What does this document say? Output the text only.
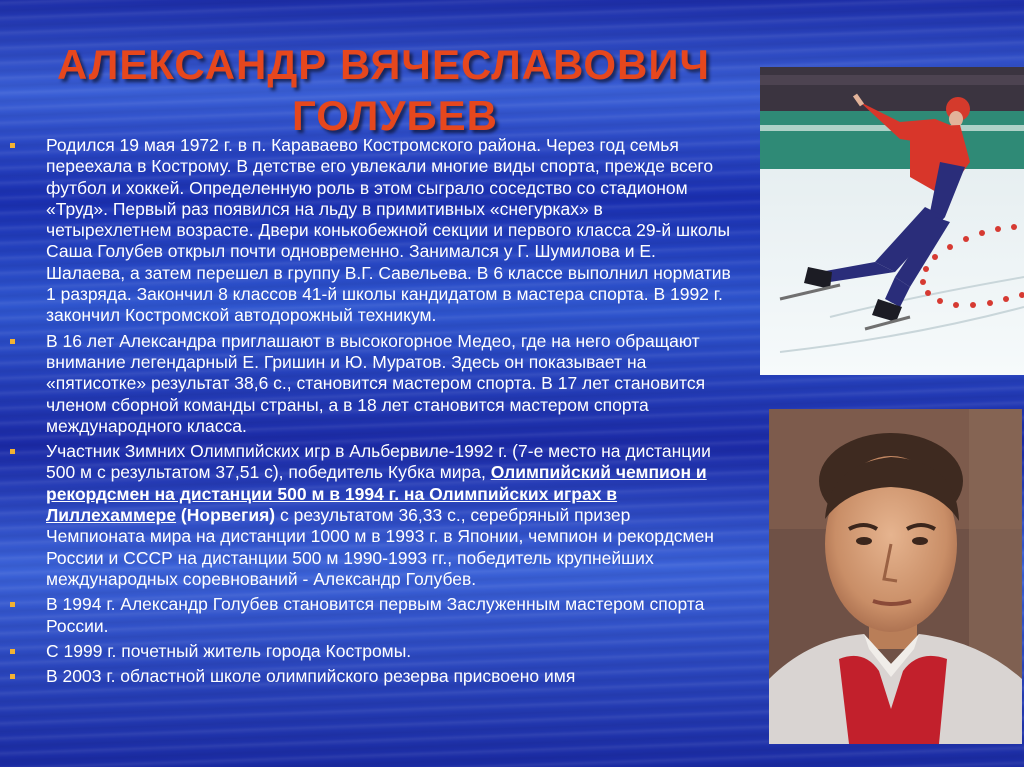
АЛЕКСАНДР ВЯЧЕСЛАВОВИЧ
ГОЛУБЕВ
Родился 19 мая 1972 г. в п. Караваево Костромского района. Через год семья переехала в Кострому. В детстве его увлекали многие виды спорта, прежде всего футбол и хоккей. Определенную роль в этом сыграло соседство со стадионом «Труд». Первый раз появился на льду в примитивных «снегурках» в четырехлетнем возрасте. Двери конькобежной секции и первого класса 29-й школы Саша Голубев открыл почти одновременно. Занимался у Г. Шумилова и Е. Шалаева, а затем перешел в группу В.Г. Савельева. В 6 классе выполнил норматив 1 разряда. Закончил 8 классов 41-й школы кандидатом в мастера спорта. В 1992 г. закончил Костромской автодорожный техникум.
В 16 лет Александра приглашают в высокогорное Медео, где на него обращают внимание легендарный Е. Гришин и Ю. Муратов. Здесь он показывает на «пятисотке» результат 38,6 с., становится мастером спорта. В 17 лет становится членом сборной команды страны, а в 18 лет становится мастером спорта международного класса.
Участник Зимних Олимпийских игр в Альбервиле-1992 г. (7-е место на дистанции 500 м с результатом 37,51 с), победитель Кубка мира, Олимпийский чемпион и рекордсмен на дистанции 500 м в 1994 г. на Олимпийских играх в Лиллехаммере (Норвегия) с результатом 36,33 с., серебряный призер Чемпионата мира на дистанции 1000 м в 1993 г. в Японии, чемпион и рекордсмен России и СССР на дистанции 500 м 1990-1993 гг., победитель крупнейших международных соревнований - Александр Голубев.
В 1994 г. Александр Голубев становится первым Заслуженным мастером спорта России.
С 1999 г. почетный житель города Костромы.
В 2003 г. областной школе олимпийского резерва присвоено имя
